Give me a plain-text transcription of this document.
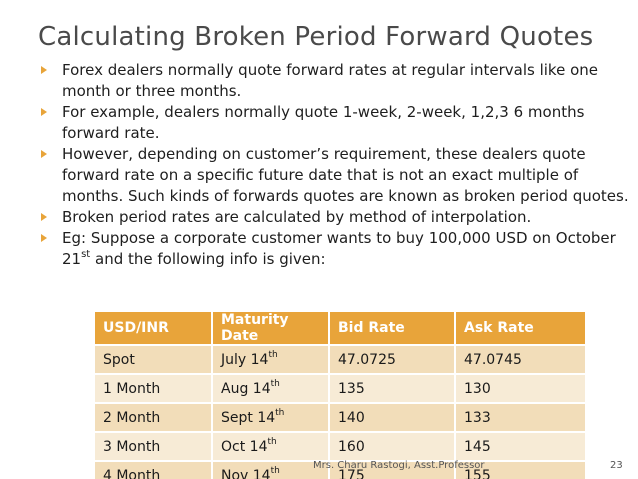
Calculating Broken Period Forward Quotes
Forex dealers normally quote forward rates at regular intervals like one month or three months.
For example, dealers normally quote 1-week, 2-week, 1,2,3 6 months forward rate.
However, depending on customer’s requirement, these dealers quote forward rate on a specific future date that is not an exact multiple of months. Such kinds of forwards quotes are known as broken period quotes.
Broken period rates are calculated by method of interpolation.
Eg: Suppose a corporate customer wants to buy 100,000 USD on October 21st and the following info is given:
USD/INR	Maturity Date	Bid Rate	Ask Rate
Spot	July 14th	47.0725	47.0745
1 Month	Aug 14th	135	130
2 Month	Sept 14th	140	133
3 Month	Oct 14th	160	145
4 Month	Nov 14th	175	155
Mrs. Charu Rastogi, Asst.Professor	23
